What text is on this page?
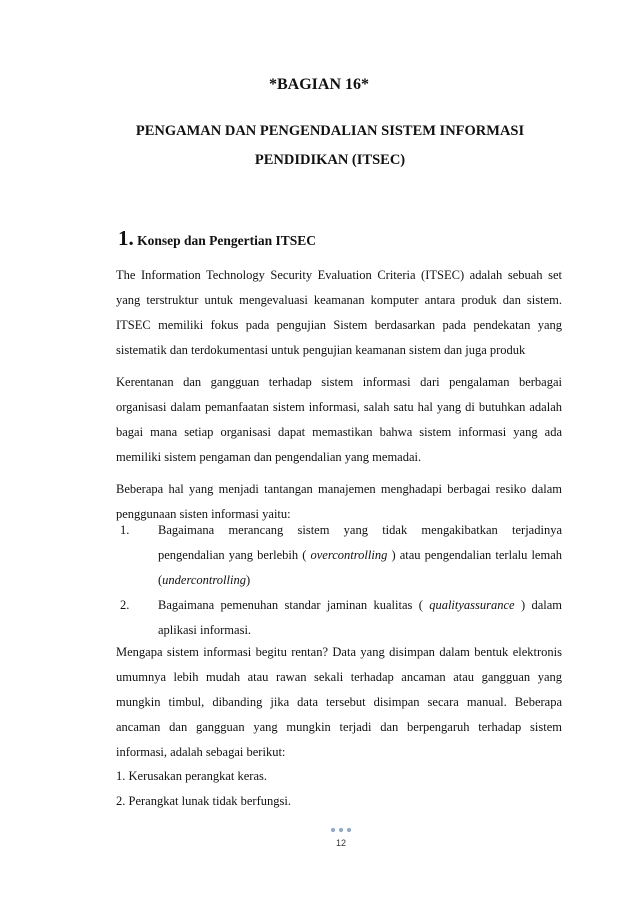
*BAGIAN 16*
PENGAMAN DAN PENGENDALIAN SISTEM INFORMASI
PENDIDIKAN (ITSEC)
1. Konsep dan Pengertian ITSEC

The Information Technology Security Evaluation Criteria (ITSEC) adalah sebuah set yang terstruktur untuk mengevaluasi keamanan komputer antara produk dan sistem. ITSEC memiliki fokus pada pengujian Sistem berdasarkan pada pendekatan yang sistematik dan terdokumentasi untuk pengujian keamanan sistem dan juga produk

Kerentanan dan gangguan terhadap sistem informasi dari pengalaman berbagai organisasi dalam pemanfaatan sistem informasi, salah satu hal yang di butuhkan adalah bagai mana setiap organisasi dapat memastikan bahwa sistem informasi yang ada memiliki sistem pengaman dan pengendalian yang memadai.

Beberapa hal yang menjadi tantangan manajemen menghadapi berbagai resiko dalam penggunaan sisten informasi yaitu:

1.	Bagaimana merancang sistem yang tidak mengakibatkan terjadinya pengendalian yang berlebih ( overcontrolling ) atau pengendalian terlalu lemah (undercontrolling)
2.	Bagaimana pemenuhan standar jaminan kualitas ( qualityassurance ) dalam aplikasi informasi.

Mengapa sistem informasi begitu rentan? Data yang disimpan dalam bentuk elektronis umumnya lebih mudah atau rawan sekali terhadap ancaman atau gangguan yang mungkin timbul, dibanding jika data tersebut disimpan secara manual. Beberapa ancaman dan gangguan yang mungkin terjadi dan berpengaruh terhadap sistem informasi, adalah sebagai berikut:

1. Kerusakan perangkat keras.
2. Perangkat lunak tidak berfungsi.
12
